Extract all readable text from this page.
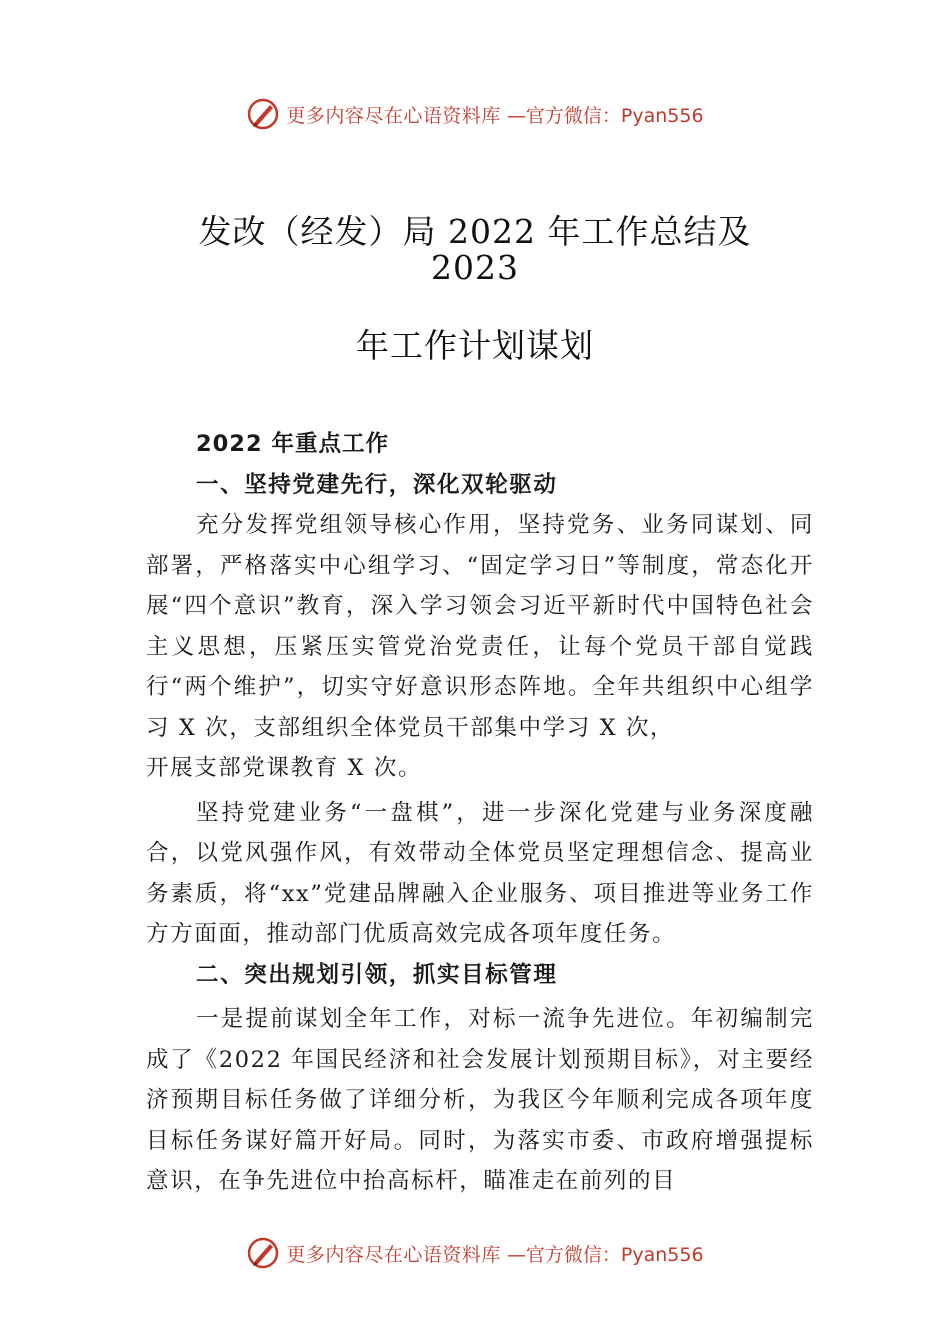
更多内容尽在心语资料库 —官方微信：Pyan556
发改（经发）局 2022 年工作总结及
2023
年工作计划谋划

2022 年重点工作

一、坚持党建先行，深化双轮驱动

充分发挥党组领导核心作用，坚持党务、业务同谋划、同部署，严格落实中心组学习、“固定学习日”等制度，常态化开展“四个意识”教育，深入学习领会习近平新时代中国特色社会主义思想，压紧压实管党治党责任，让每个党员干部自觉践行“两个维护”，切实守好意识形态阵地。全年共组织中心组学习 X 次，支部组织全体党员干部集中学习 X 次，

开展支部党课教育 X 次。

坚持党建业务“一盘棋”，进一步深化党建与业务深度融合，以党风强作风，有效带动全体党员坚定理想信念、提高业务素质，将“xx”党建品牌融入企业服务、项目推进等业务工作方方面面，推动部门优质高效完成各项年度任务。

二、突出规划引领，抓实目标管理

一是提前谋划全年工作，对标一流争先进位。年初编制完成了《2022 年国民经济和社会发展计划预期目标》，对主要经济预期目标任务做了详细分析，为我区今年顺利完成各项年度目标任务谋好篇开好局。同时，为落实市委、市政府增强提标意识，在争先进位中抬高标杆，瞄准走在前列的目

更多内容尽在心语资料库 —官方微信：Pyan556
